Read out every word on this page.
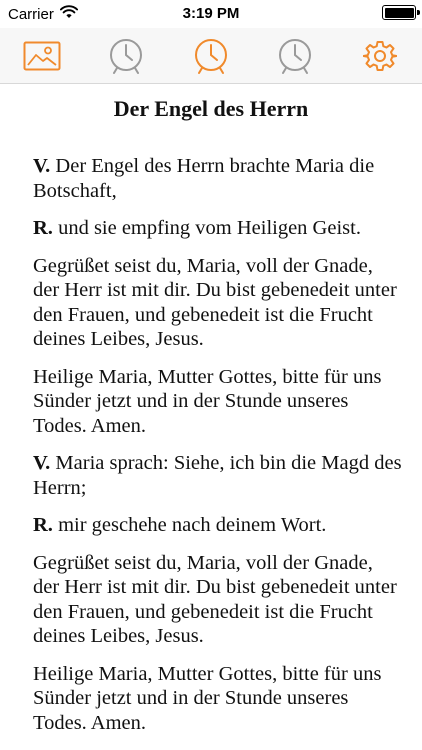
Carrier	3:19 PM
Der Engel des Herrn

V. Der Engel des Herrn brachte Maria die Botschaft,

R. und sie empfing vom Heiligen Geist.

Gegrüßet seist du, Maria, voll der Gnade, der Herr ist mit dir. Du bist gebenedeit unter den Frauen, und gebenedeit ist die Frucht deines Leibes, Jesus.

Heilige Maria, Mutter Gottes, bitte für uns Sünder jetzt und in der Stunde unseres Todes. Amen.

V. Maria sprach: Siehe, ich bin die Magd des Herrn;

R. mir geschehe nach deinem Wort.

Gegrüßet seist du, Maria, voll der Gnade, der Herr ist mit dir. Du bist gebenedeit unter den Frauen, und gebenedeit ist die Frucht deines Leibes, Jesus.

Heilige Maria, Mutter Gottes, bitte für uns Sünder jetzt und in der Stunde unseres Todes. Amen.
